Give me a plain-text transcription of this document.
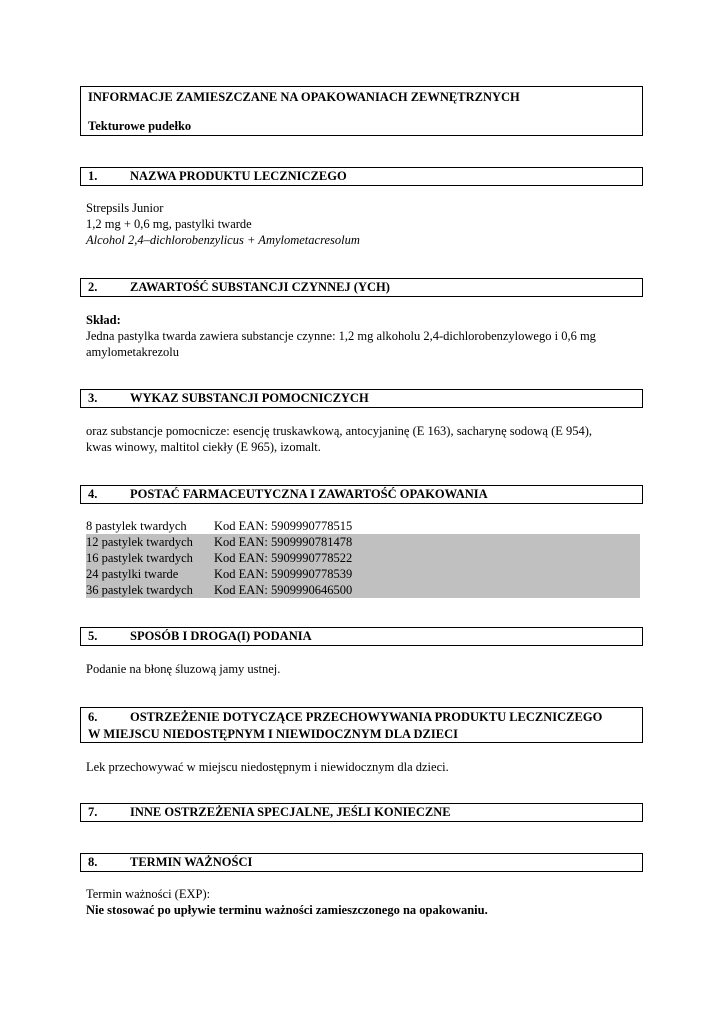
INFORMACJE ZAMIESZCZANE NA OPAKOWANIACH ZEWNĘTRZNYCH
Tekturowe pudełko
1.	NAZWA PRODUKTU LECZNICZEGO
Strepsils Junior
1,2 mg + 0,6 mg, pastylki twarde
Alcohol 2,4–dichlorobenzylicus + Amylometacresolum
2.	ZAWARTOŚĆ SUBSTANCJI CZYNNEJ (YCH)
Skład:
Jedna pastylka twarda zawiera substancje czynne: 1,2 mg alkoholu 2,4-dichlorobenzylowego i 0,6 mg
amylometakrezolu
3.	WYKAZ SUBSTANCJI POMOCNICZYCH
oraz substancje pomocnicze: esencję truskawkową, antocyjaninę (E 163), sacharynę sodową (E 954),
kwas winowy, maltitol ciekły (E 965), izomalt.
4.	POSTAĆ FARMACEUTYCZNA I ZAWARTOŚĆ OPAKOWANIA
8 pastylek twardych Kod EAN: 5909990778515
12 pastylek twardych Kod EAN: 5909990781478
16 pastylek twardych Kod EAN: 5909990778522
24 pastylki twarde	Kod EAN: 5909990778539
36 pastylek twardych Kod EAN: 5909990646500
5.	SPOSÓB I DROGA(I) PODANIA
Podanie na błonę śluzową jamy ustnej.
6.	OSTRZEŻENIE DOTYCZĄCE PRZECHOWYWANIA PRODUKTU LECZNICZEGO
W MIEJSCU NIEDOSTĘPNYM I NIEWIDOCZNYM DLA DZIECI
Lek przechowywać w miejscu niedostępnym i niewidocznym dla dzieci.
7.	INNE OSTRZEŻENIA SPECJALNE, JEŚLI KONIECZNE
8.	TERMIN WAŻNOŚCI
Termin ważności (EXP):
Nie stosować po upływie terminu ważności zamieszczonego na opakowaniu.
